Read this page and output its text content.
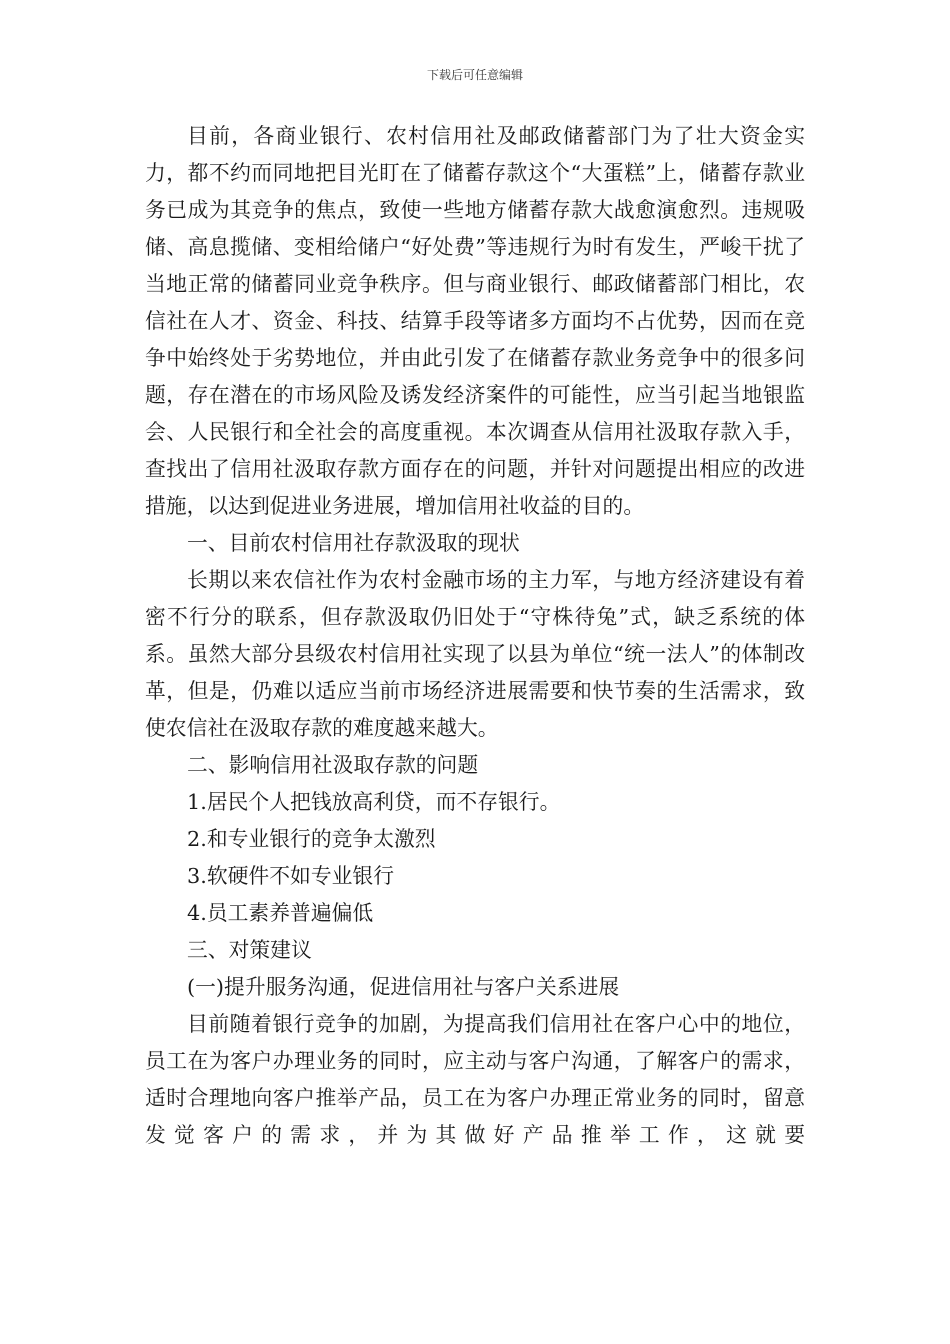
下载后可任意编辑

目前，各商业银行、农村信用社及邮政储蓄部门为了壮大资金实力，都不约而同地把目光盯在了储蓄存款这个“大蛋糕”上，储蓄存款业务已成为其竞争的焦点，致使一些地方储蓄存款大战愈演愈烈。违规吸储、高息揽储、变相给储户“好处费”等违规行为时有发生，严峻干扰了当地正常的储蓄同业竞争秩序。但与商业银行、邮政储蓄部门相比，农信社在人才、资金、科技、结算手段等诸多方面均不占优势，因而在竞争中始终处于劣势地位，并由此引发了在储蓄存款业务竞争中的很多问题，存在潜在的市场风险及诱发经济案件的可能性，应当引起当地银监会、人民银行和全社会的高度重视。本次调查从信用社汲取存款入手，查找出了信用社汲取存款方面存在的问题，并针对问题提出相应的改进措施，以达到促进业务进展，增加信用社收益的目的。

一、目前农村信用社存款汲取的现状

长期以来农信社作为农村金融市场的主力军，与地方经济建设有着密不行分的联系，但存款汲取仍旧处于“守株待兔”式，缺乏系统的体系。虽然大部分县级农村信用社实现了以县为单位“统一法人”的体制改革，但是，仍难以适应当前市场经济进展需要和快节奏的生活需求，致使农信社在汲取存款的难度越来越大。

二、影响信用社汲取存款的问题

1.居民个人把钱放高利贷，而不存银行。

2.和专业银行的竞争太激烈

3.软硬件不如专业银行

4.员工素养普遍偏低

三、对策建议

(一)提升服务沟通，促进信用社与客户关系进展

目前随着银行竞争的加剧，为提高我们信用社在客户心中的地位，员工在为客户办理业务的同时，应主动与客户沟通，了解客户的需求，适时合理地向客户推举产品，员工在为客户办理正常业务的同时，留意发觉客户的需求，并为其做好产品推举工作，这就要
